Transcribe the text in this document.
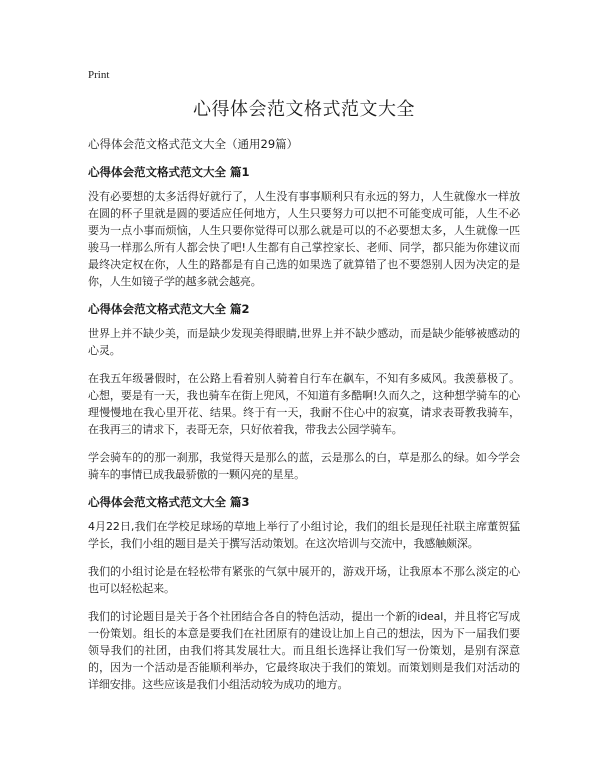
Print
心得体会范文格式范文大全
心得体会范文格式范文大全（通用29篇）
心得体会范文格式范文大全 篇1

没有必要想的太多活得好就行了，人生没有事事顺利只有永远的努力，人生就像水一样放在圆的杯子里就是圆的要适应任何地方，人生只要努力可以把不可能变成可能，人生不必要为一点小事而烦恼，人生只要你觉得可以那么就是可以的不必要想太多，人生就像一匹骏马一样那么所有人都会快了吧!人生都有自己掌控家长、老师、同学，都只能为你建议而最终决定权在你，人生的路都是有自己选的如果选了就算错了也不要怨别人因为决定的是你，人生如镜子学的越多就会越亮。

心得体会范文格式范文大全 篇2

世界上并不缺少美，而是缺少发现美得眼睛,世界上并不缺少感动，而是缺少能够被感动的心灵。

在我五年级暑假时，在公路上看着别人骑着自行车在飙车，不知有多威风。我羡慕极了。心想，要是有一天，我也骑车在街上兜风，不知道有多酷啊!久而久之，这种想学骑车的心理慢慢地在我心里开花、结果。终于有一天，我耐不住心中的寂寞，请求表哥教我骑车，在我再三的请求下，表哥无奈，只好依着我，带我去公园学骑车。

学会骑车的的那一刹那，我觉得天是那么的蓝，云是那么的白，草是那么的绿。如今学会骑车的事情已成我最骄傲的一颗闪亮的星星。

心得体会范文格式范文大全 篇3

4月22日,我们在学校足球场的草地上举行了小组讨论，我们的组长是现任社联主席董贺猛学长，我们小组的题目是关于撰写活动策划。在这次培训与交流中，我感触颇深。

我们的小组讨论是在轻松带有紧张的气氛中展开的，游戏开场，让我原本不那么淡定的心也可以轻松起来。

我们的讨论题目是关于各个社团结合各自的特色活动，提出一个新的ideal，并且将它写成一份策划。组长的本意是要我们在社团原有的建设让加上自己的想法，因为下一届我们要领导我们的社团，由我们将其发展壮大。而且组长选择让我们写一份策划，是别有深意的，因为一个活动是否能顺利举办，它最终取决于我们的策划。而策划则是我们对活动的详细安排。这些应该是我们小组活动较为成功的地方。
